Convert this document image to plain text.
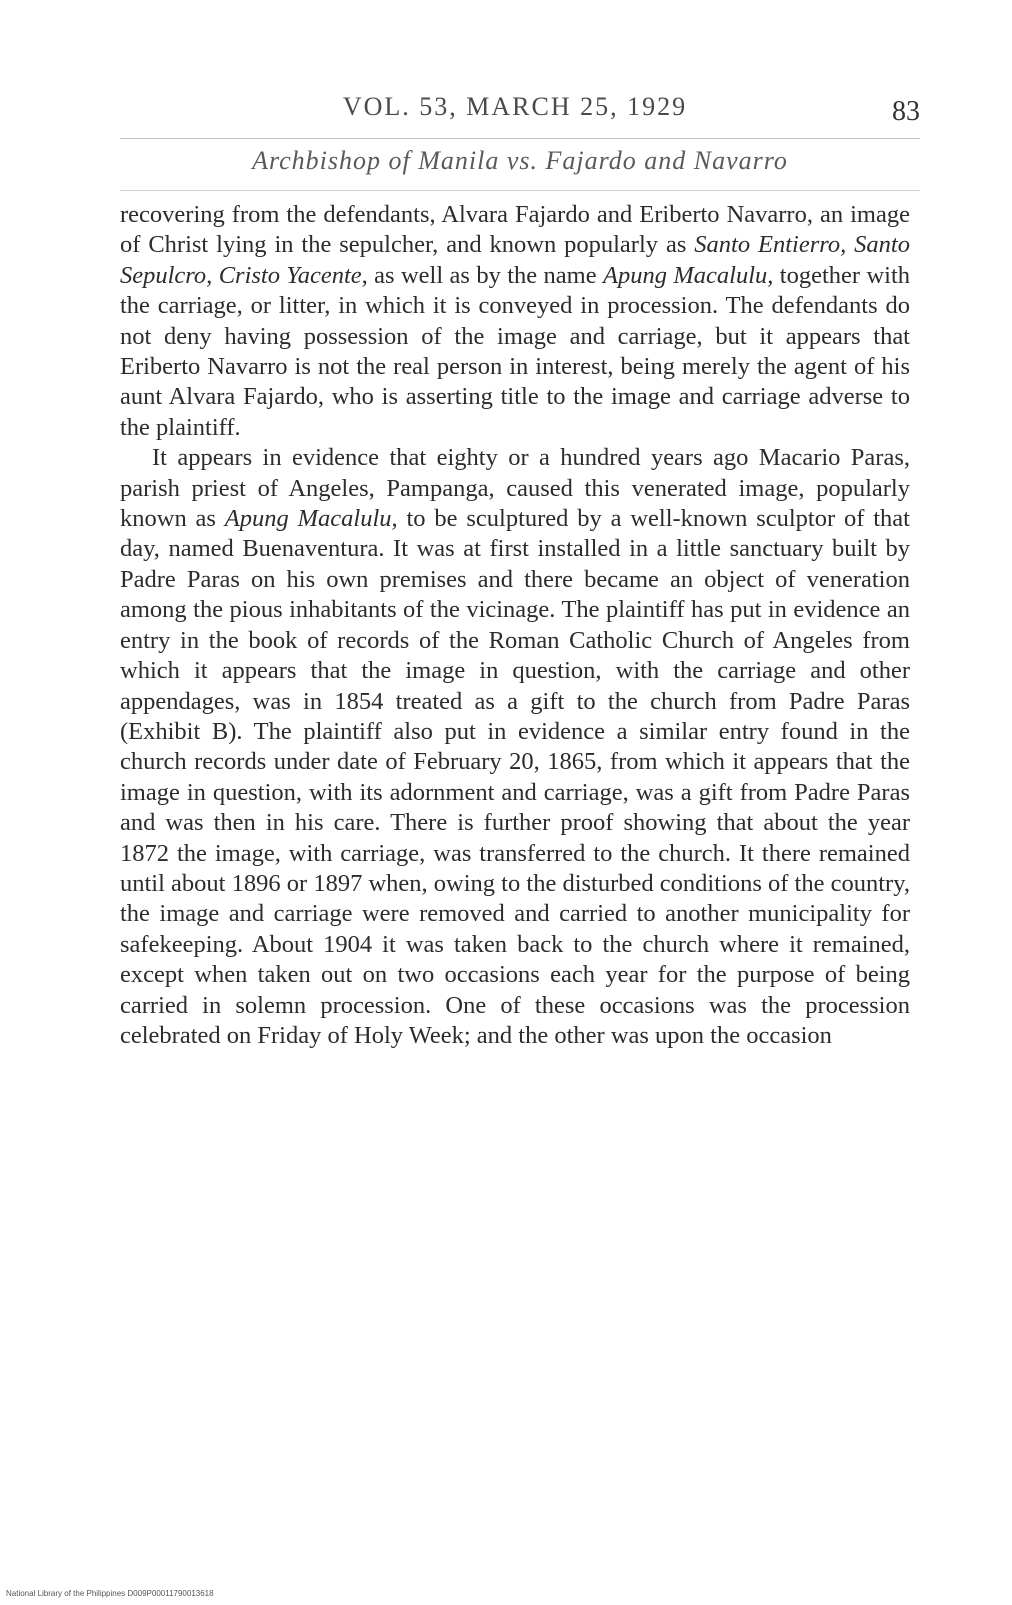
VOL. 53, MARCH 25, 1929	83
Archbishop of Manila vs. Fajardo and Navarro

recovering from the defendants, Alvara Fajardo and Eriberto Navarro, an image of Christ lying in the sepulcher, and known popularly as Santo Entierro, Santo Sepulcro, Cristo Yacente, as well as by the name Apung Macalulu, together with the carriage, or litter, in which it is conveyed in procession. The defendants do not deny having possession of the image and carriage, but it appears that Eriberto Navarro is not the real person in interest, being merely the agent of his aunt Alvara Fajardo, who is asserting title to the image and carriage adverse to the plaintiff.

It appears in evidence that eighty or a hundred years ago Macario Paras, parish priest of Angeles, Pampanga, caused this venerated image, popularly known as Apung Macalulu, to be sculptured by a well-known sculptor of that day, named Buenaventura. It was at first installed in a little sanctuary built by Padre Paras on his own premises and there became an object of veneration among the pious inhabitants of the vicinage. The plaintiff has put in evidence an entry in the book of records of the Roman Catholic Church of Angeles from which it appears that the image in question, with the carriage and other appendages, was in 1854 treated as a gift to the church from Padre Paras (Exhibit B). The plaintiff also put in evidence a similar entry found in the church records under date of February 20, 1865, from which it appears that the image in question, with its adornment and carriage, was a gift from Padre Paras and was then in his care. There is further proof showing that about the year 1872 the image, with carriage, was transferred to the church. It there remained until about 1896 or 1897 when, owing to the disturbed conditions of the country, the image and carriage were removed and carried to another municipality for safekeeping. About 1904 it was taken back to the church where it remained, except when taken out on two occasions each year for the purpose of being carried in solemn procession. One of these occasions was the procession celebrated on Friday of Holy Week; and the other was upon the occasion

National Library of the Philippines D009P00011790013618
